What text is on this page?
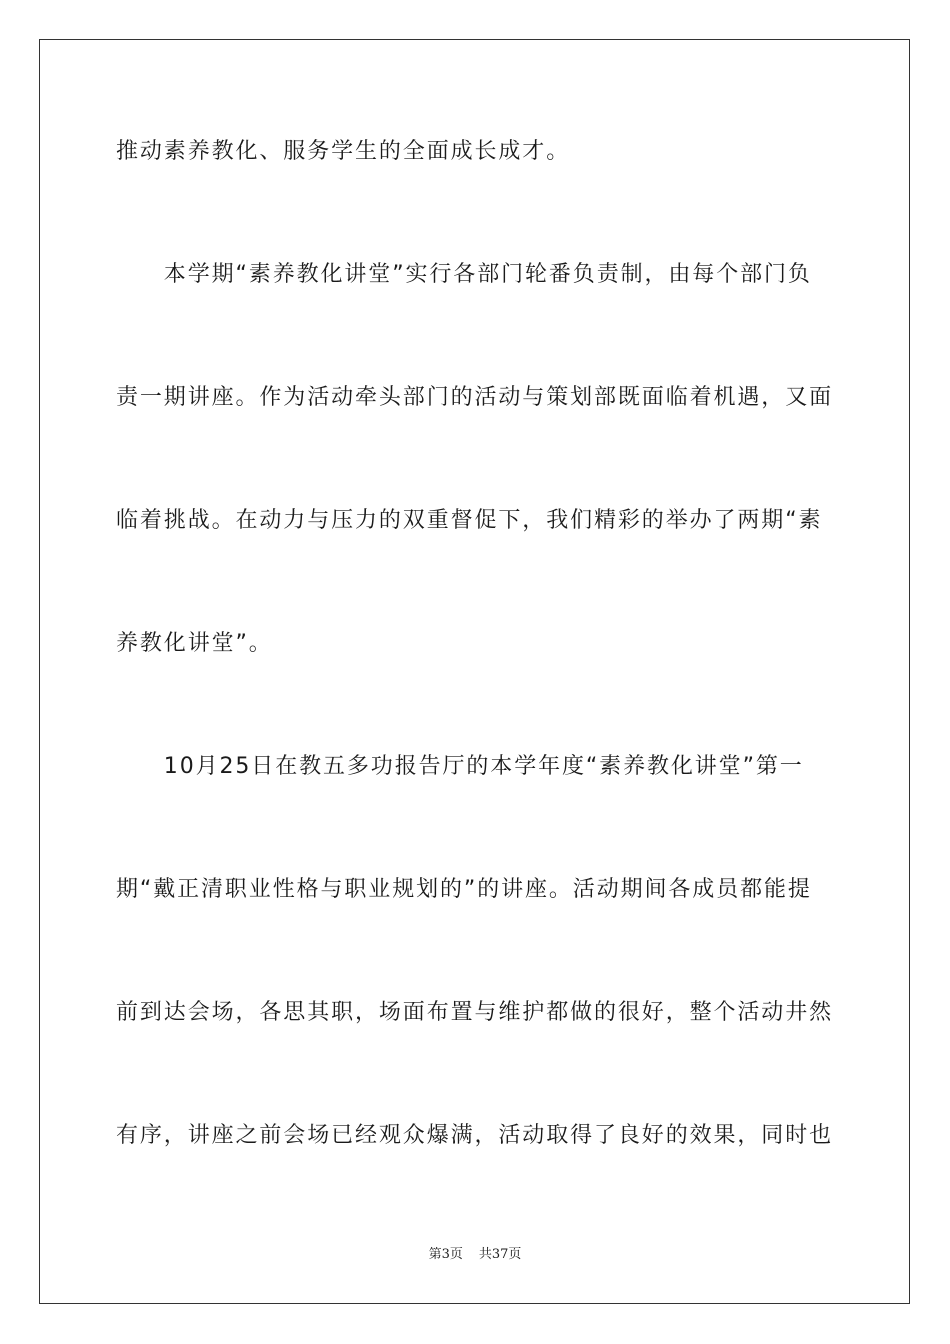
推动素养教化、服务学生的全面成长成才。

　　本学期“素养教化讲堂”实行各部门轮番负责制，由每个部门负

责一期讲座。作为活动牵头部门的活动与策划部既面临着机遇，又面

临着挑战。在动力与压力的双重督促下，我们精彩的举办了两期“素

养教化讲堂”。

　　10月25日在教五多功报告厅的本学年度“素养教化讲堂”第一

期“戴正清职业性格与职业规划的”的讲座。活动期间各成员都能提

前到达会场，各思其职，场面布置与维护都做的很好，整个活动井然

有序，讲座之前会场已经观众爆满，活动取得了良好的效果，同时也

第3页 共37页
